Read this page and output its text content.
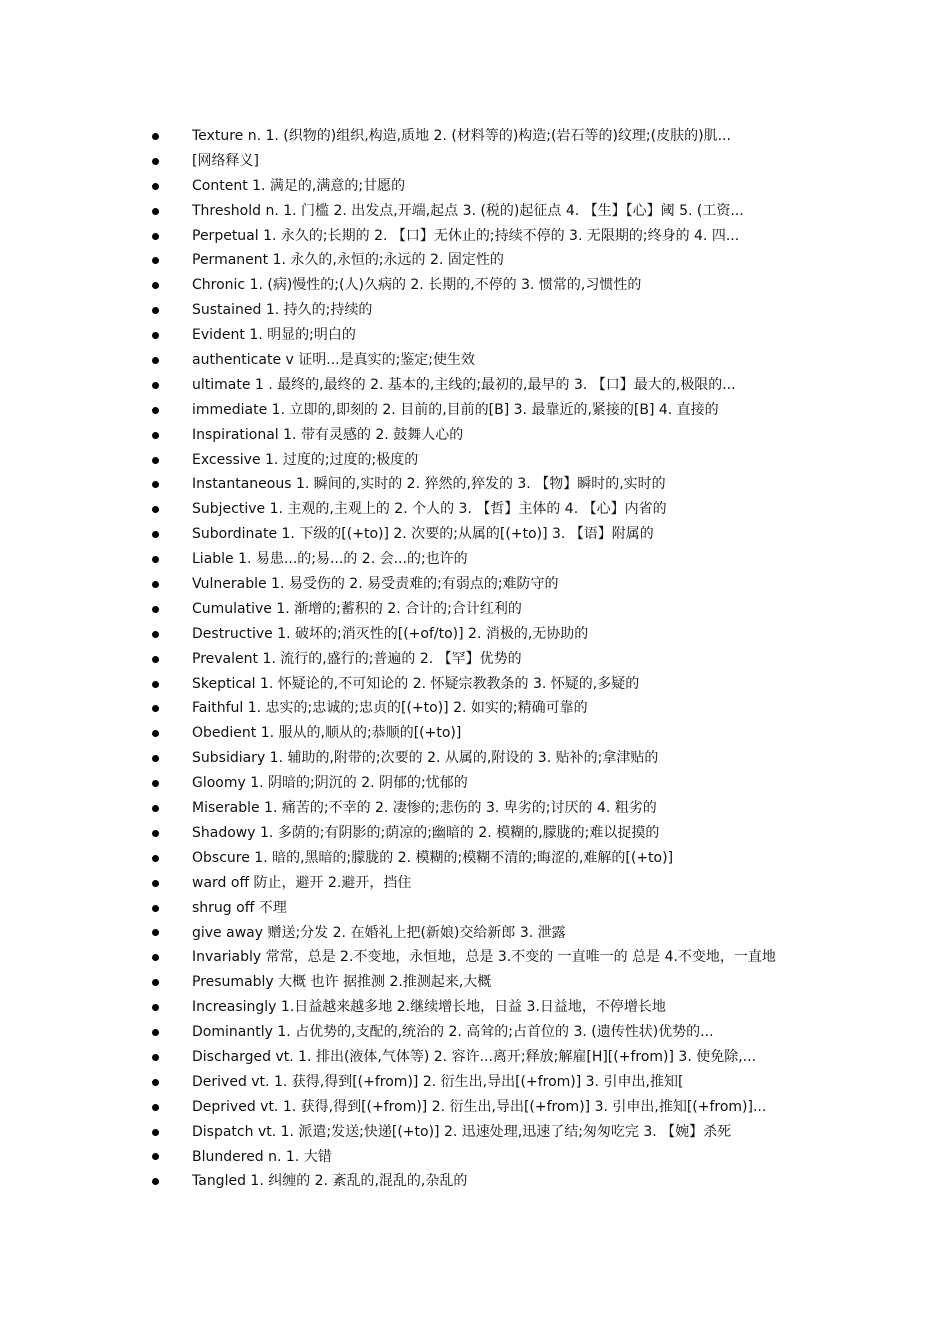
Texture n. 1. (织物的)组织,构造,质地 2. (材料等的)构造;(岩石等的)纹理;(皮肤的)肌...
[网络释义]
Content 1. 满足的,满意的;甘愿的
Threshold n. 1. 门槛 2. 出发点,开端,起点 3. (税的)起征点 4. 【生】【心】阈 5. (工资...
Perpetual 1. 永久的;长期的 2. 【口】无休止的;持续不停的 3. 无限期的;终身的 4. 四...
Permanent 1. 永久的,永恒的;永远的 2. 固定性的
Chronic 1. (病)慢性的;(人)久病的 2. 长期的,不停的 3. 惯常的,习惯性的
Sustained 1. 持久的;持续的
Evident 1. 明显的;明白的
authenticate v 证明...是真实的;鉴定;使生效
ultimate 1 . 最终的,最终的 2. 基本的,主线的;最初的,最早的 3. 【口】最大的,极限的...
immediate 1. 立即的,即刻的 2. 目前的,目前的[B] 3. 最靠近的,紧接的[B] 4. 直接的
Inspirational 1. 带有灵感的 2. 鼓舞人心的
Excessive 1. 过度的;过度的;极度的
Instantaneous 1. 瞬间的,实时的 2. 猝然的,猝发的 3. 【物】瞬时的,实时的
Subjective 1. 主观的,主观上的 2. 个人的 3. 【哲】主体的 4. 【心】内省的
Subordinate 1. 下级的[(+to)] 2. 次要的;从属的[(+to)] 3. 【语】附属的
Liable 1. 易患...的;易...的 2. 会...的;也许的
Vulnerable 1. 易受伤的 2. 易受责难的;有弱点的;难防守的
Cumulative 1. 渐增的;蓄积的 2. 合计的;合计红利的
Destructive 1. 破坏的;消灭性的[(+of/to)] 2. 消极的,无协助的
Prevalent 1. 流行的,盛行的;普遍的 2. 【罕】优势的
Skeptical 1. 怀疑论的,不可知论的 2. 怀疑宗教教条的 3. 怀疑的,多疑的
Faithful 1. 忠实的;忠诚的;忠贞的[(+to)] 2. 如实的;精确可靠的
Obedient 1. 服从的,顺从的;恭顺的[(+to)]
Subsidiary 1. 辅助的,附带的;次要的 2. 从属的,附设的 3. 贴补的;拿津贴的
Gloomy 1. 阴暗的;阴沉的 2. 阴郁的;忧郁的
Miserable 1. 痛苦的;不幸的 2. 凄惨的;悲伤的 3. 卑劣的;讨厌的 4. 粗劣的
Shadowy 1. 多荫的;有阴影的;荫凉的;幽暗的 2. 模糊的,朦胧的;难以捉摸的
Obscure 1. 暗的,黑暗的;朦胧的 2. 模糊的;模糊不清的;晦涩的,难解的[(+to)]
ward off 防止，避开 2.避开，挡住
shrug off 不理
give away 赠送;分发 2. 在婚礼上把(新娘)交给新郎 3. 泄露
Invariably 常常，总是 2.不变地，永恒地，总是 3.不变的 一直唯一的 总是 4.不变地，一直地
Presumably 大概 也许 据推测 2.推测起来,大概
Increasingly 1.日益越来越多地 2.继续增长地，日益 3.日益地，不停增长地
Dominantly 1. 占优势的,支配的,统治的 2. 高耸的;占首位的 3. (遗传性状)优势的...
Discharged vt. 1. 排出(液体,气体等) 2. 容许...离开;释放;解雇[H][(+from)] 3. 使免除,...
Derived vt. 1. 获得,得到[(+from)] 2. 衍生出,导出[(+from)] 3. 引申出,推知[
Deprived vt. 1. 获得,得到[(+from)] 2. 衍生出,导出[(+from)] 3. 引申出,推知[(+from)]...
Dispatch vt. 1. 派遣;发送;快递[(+to)] 2. 迅速处理,迅速了结;匆匆吃完 3. 【婉】杀死
Blundered n. 1. 大错
Tangled 1. 纠缠的 2. 紊乱的,混乱的,杂乱的
